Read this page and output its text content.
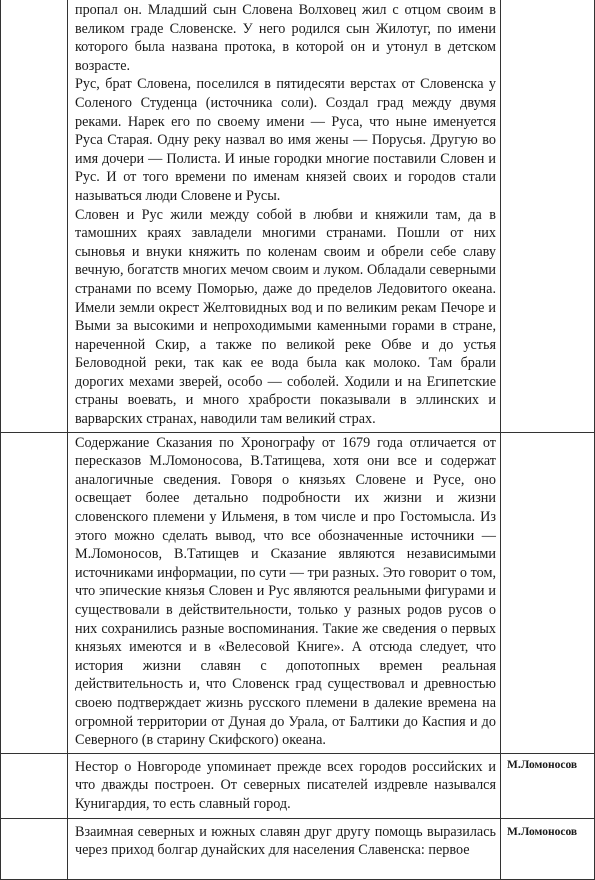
	пропал он. Младший сын Словена Волховец жил с отцом своим в великом граде Словенске. У него родился сын Жилотуг, по имени которого была названа протока, в которой он и утонул в детском возрасте.

Рус, брат Словена, поселился в пятидесяти верстах от Словенска у Соленого Студенца (источника соли). Создал град между двумя реками. Нарек его по своему имени — Руса, что ныне именуется Руса Старая. Одну реку назвал во имя жены — Порусья. Другую во имя дочери — Полиста. И иные городки многие поставили Словен и Рус. И от того времени по именам князей своих и городов стали называться люди Словене и Русы.

Словен и Рус жили между собой в любви и княжили там, да в тамошних краях завладели многими странами. Пошли от них сыновья и внуки княжить по коленам своим и обрели себе славу вечную, богатств многих мечом своим и луком. Обладали северными странами по всему Поморью, даже до пределов Ледовитого океана. Имели земли окрест Желтовидных вод и по великим рекам Печоре и Выми за высокими и непроходимыми каменными горами в стране, нареченной Скир, а также по великой реке Обве и до устья Беловодной реки, так как ее вода была как молоко. Там брали дорогих мехами зверей, особо — соболей. Ходили и на Египетские страны воевать, и много храбрости показывали в эллинских и варварских странах, наводили там великий страх.	

	Содержание Сказания по Хронографу от 1679 года отличается от пересказов М.Ломоносова, В.Татищева, хотя они все и содержат аналогичные сведения. Говоря о князьях Словене и Русе, оно освещает более детально подробности их жизни и жизни словенского племени у Ильменя, в том числе и про Гостомысла. Из этого можно сделать вывод, что все обозначенные источники — М.Ломоносов, В.Татищев и Сказание являются независимыми источниками информации, по сути — три разных. Это говорит о том, что эпические князья Словен и Рус являются реальными фигурами и существовали в действительности, только у разных родов русов о них сохранились разные воспоминания. Такие же сведения о первых князьях имеются и в «Велесовой Книге». А отсюда следует, что история жизни славян с допотопных времен реальная действительность и, что Словенск град существовал и древностью своею подтверждает жизнь русского племени в далекие времена на огромной территории от Дуная до Урала, от Балтики до Каспия и до Северного (в старину Скифского) океана.	

	Нестор о Новгороде упоминает прежде всех городов российских и что дважды построен. От северных писателей издревле назывался Кунигардия, то есть славный город.	М.Ломоносов

	Взаимная северных и южных славян друг другу помощь выразилась через приход болгар дунайских для населения Славенска: первое	М.Ломоносов
